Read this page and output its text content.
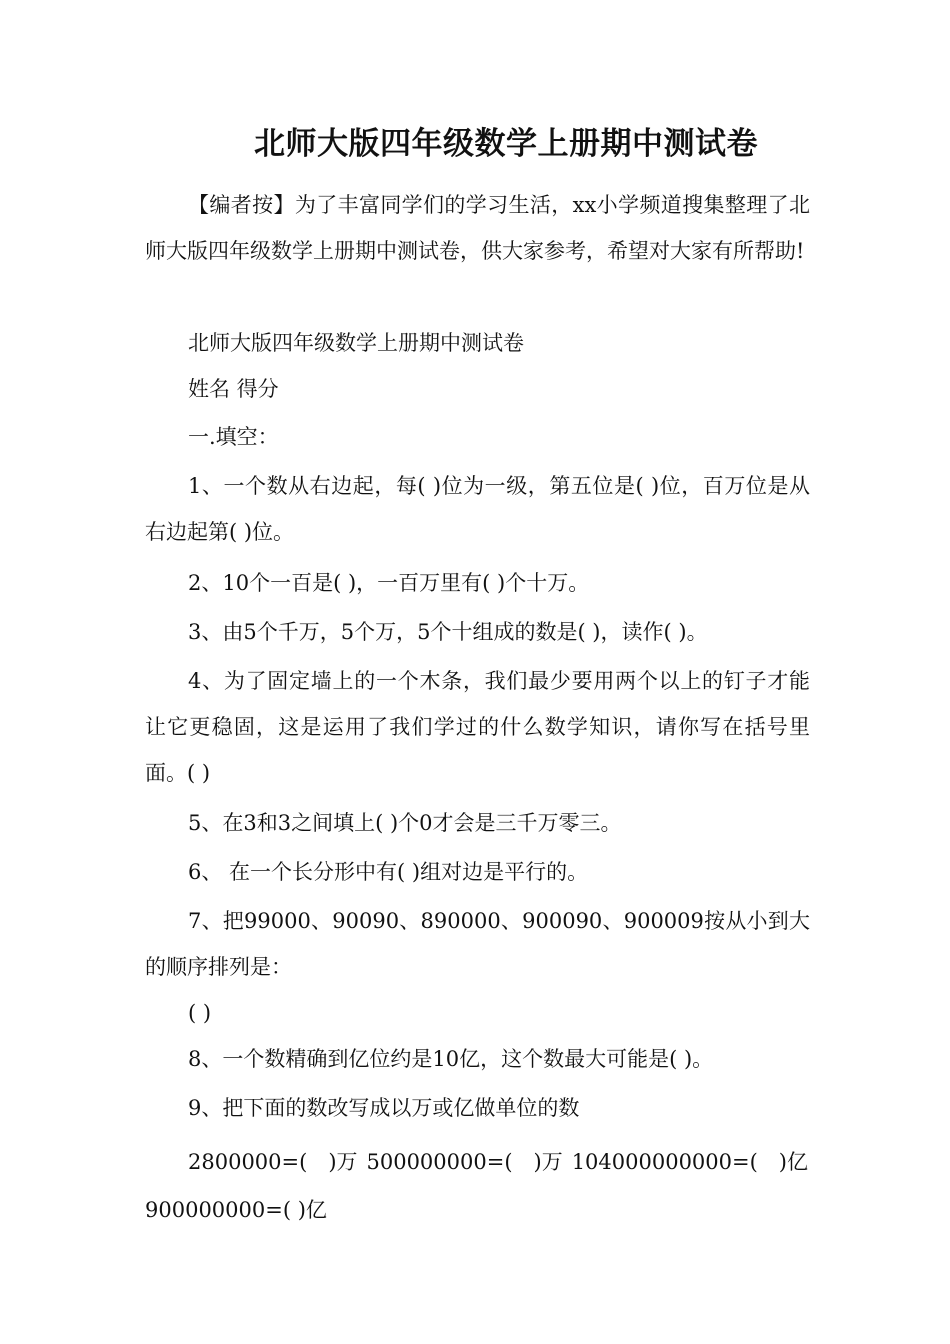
北师大版四年级数学上册期中测试卷
【编者按】为了丰富同学们的学习生活，xx小学频道搜集整理了北师大版四年级数学上册期中测试卷，供大家参考，希望对大家有所帮助!
北师大版四年级数学上册期中测试卷
姓名 得分
一.填空：
1、一个数从右边起，每( )位为一级，第五位是( )位，百万位是从右边起第( )位。
2、10个一百是( )，一百万里有( )个十万。
3、由5个千万，5个万，5个十组成的数是( )，读作( )。
4、为了固定墙上的一个木条，我们最少要用两个以上的钉子才能让它更稳固，这是运用了我们学过的什么数学知识，请你写在括号里面。( )
5、在3和3之间填上( )个0才会是三千万零三。
6、 在一个长分形中有( )组对边是平行的。
7、把99000、90090、890000、900090、900009按从小到大的顺序排列是：
( )
8、一个数精确到亿位约是10亿，这个数最大可能是( )。
9、把下面的数改写成以万或亿做单位的数
2800000=(　)万 500000000=(　)万 104000000000=(　)亿
900000000=( )亿
